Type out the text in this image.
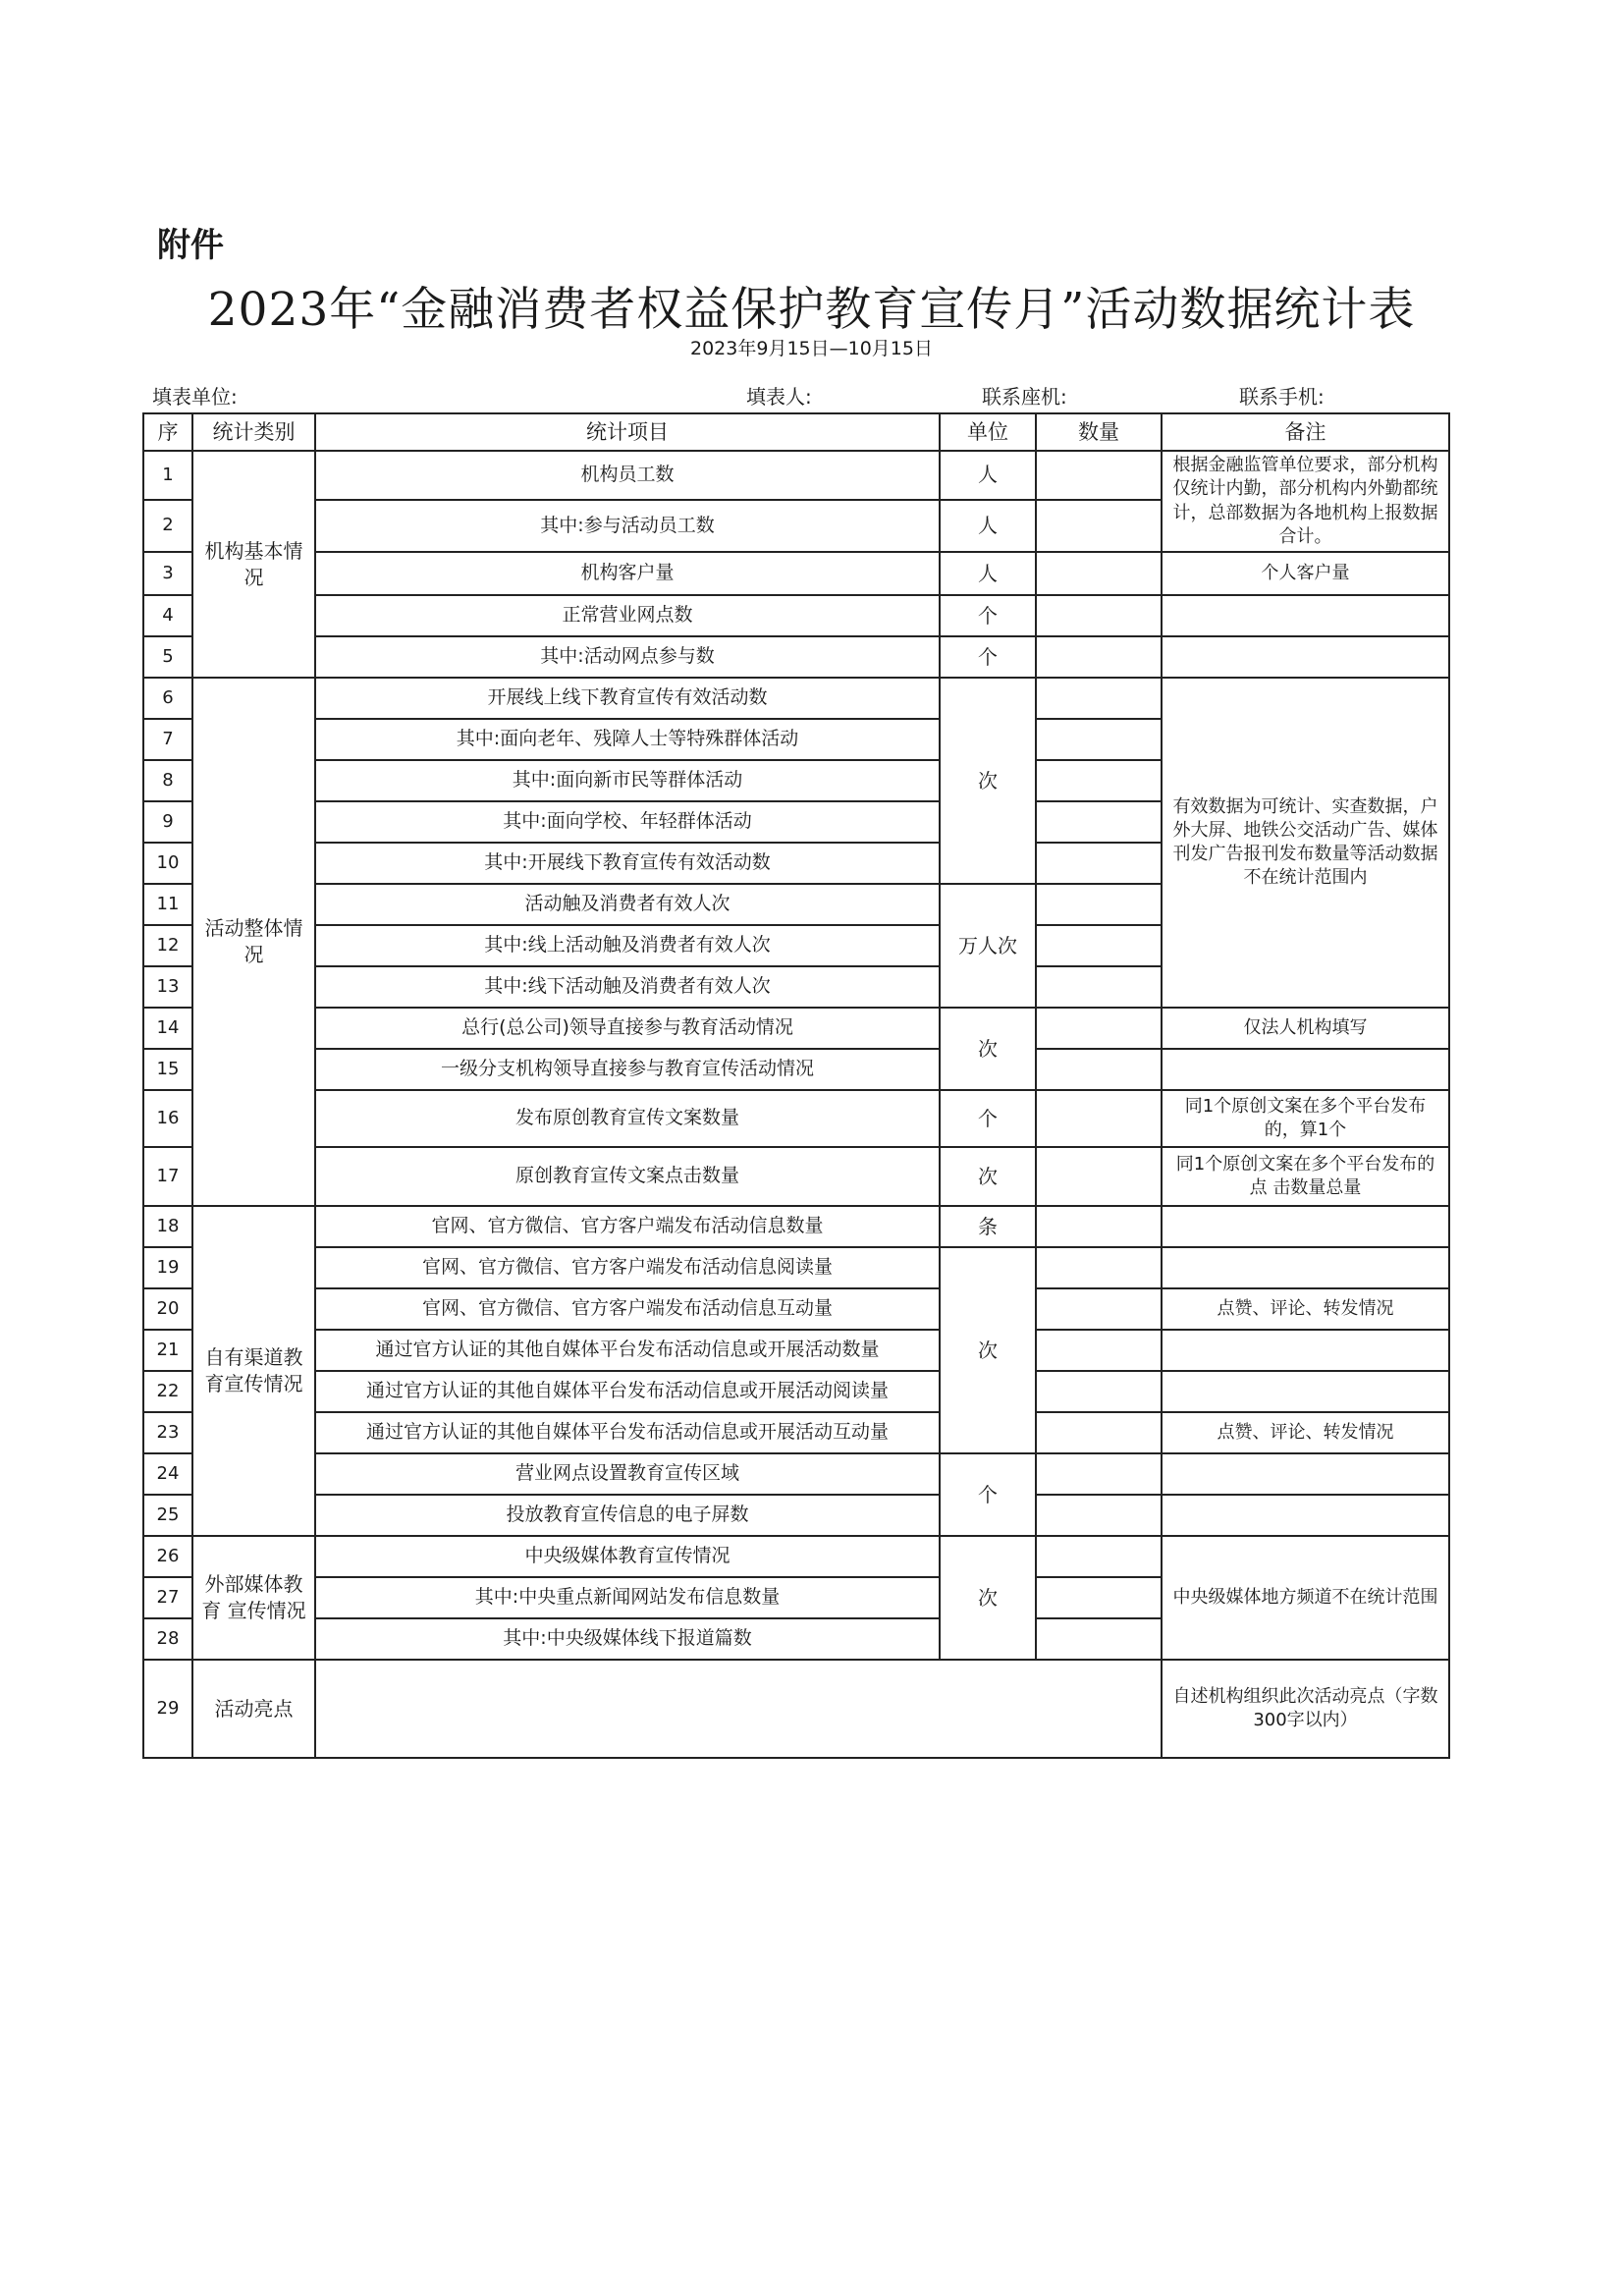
附件
2023年“金融消费者权益保护教育宣传月”活动数据统计表
2023年9月15日—10月15日
填表单位:	填表人:	联系座机:	联系手机:
序	统计类别	统计项目	单位	数量	备注
1	机构基本情况	机构员工数	人		根据金融监管单位要求，部分机构仅统计内勤，部分机构内外勤都统计，总部数据为各地机构上报数据合计。
2		其中:参与活动员工数	人		
3		机构客户量	人		个人客户量
4		正常营业网点数	个		
5		其中:活动网点参与数	个		
6	活动整体情况	开展线上线下教育宣传有效活动数	次		有效数据为可统计、实查数据，户外大屏、地铁公交活动广告、媒体刊发广告报刊发布数量等活动数据不在统计范围内
7		其中:面向老年、残障人士等特殊群体活动			
8		其中:面向新市民等群体活动			
9		其中:面向学校、年轻群体活动			
10		其中:开展线下教育宣传有效活动数			
11		活动触及消费者有效人次	万人次		
12		其中:线上活动触及消费者有效人次			
13		其中:线下活动触及消费者有效人次			
14		总行(总公司)领导直接参与教育活动情况	次		仅法人机构填写
15		一级分支机构领导直接参与教育宣传活动情况			
16		发布原创教育宣传文案数量	个		同1个原创文案在多个平台发布的，算1个
17		原创教育宣传文案点击数量	次		同1个原创文案在多个平台发布的点 击数量总量
18	自有渠道教育宣传情况	官网、官方微信、官方客户端发布活动信息数量	条		
19		官网、官方微信、官方客户端发布活动信息阅读量	次		
20		官网、官方微信、官方客户端发布活动信息互动量			点赞、评论、转发情况
21		通过官方认证的其他自媒体平台发布活动信息或开展活动数量			
22		通过官方认证的其他自媒体平台发布活动信息或开展活动阅读量			
23		通过官方认证的其他自媒体平台发布活动信息或开展活动互动量			点赞、评论、转发情况
24		营业网点设置教育宣传区域	个		
25		投放教育宣传信息的电子屏数			
26	外部媒体教育 宣传情况	中央级媒体教育宣传情况	次		中央级媒体地方频道不在统计范围
27		其中:中央重点新闻网站发布信息数量			
28		其中:中央级媒体线下报道篇数			
29	活动亮点				自述机构组织此次活动亮点（字数300字以内）
